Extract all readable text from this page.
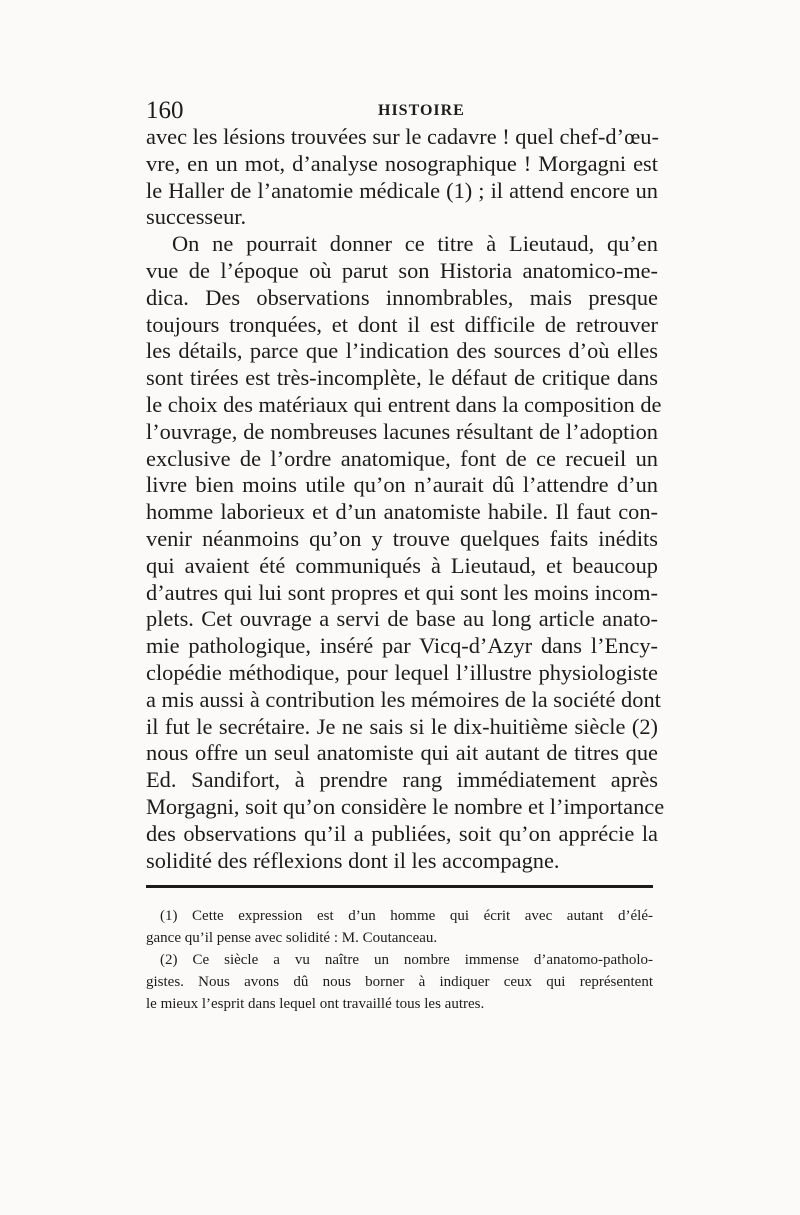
160	HISTOIRE
avec les lésions trouvées sur le cadavre ! quel chef-d’œu-
vre, en un mot, d’analyse nosographique ! Morgagni est
le Haller de l’anatomie médicale (1) ; il attend encore un
successeur.
On ne pourrait donner ce titre à Lieutaud, qu’en
vue de l’époque où parut son Historia anatomico-me-
dica. Des observations innombrables, mais presque
toujours tronquées, et dont il est difficile de retrouver
les détails, parce que l’indication des sources d’où elles
sont tirées est très-incomplète, le défaut de critique dans
le choix des matériaux qui entrent dans la composition de
l’ouvrage, de nombreuses lacunes résultant de l’adoption
exclusive de l’ordre anatomique, font de ce recueil un
livre bien moins utile qu’on n’aurait dû l’attendre d’un
homme laborieux et d’un anatomiste habile. Il faut con-
venir néanmoins qu’on y trouve quelques faits inédits
qui avaient été communiqués à Lieutaud, et beaucoup
d’autres qui lui sont propres et qui sont les moins incom-
plets. Cet ouvrage a servi de base au long article anato-
mie pathologique, inséré par Vicq-d’Azyr dans l’Ency-
clopédie méthodique, pour lequel l’illustre physiologiste
a mis aussi à contribution les mémoires de la société dont
il fut le secrétaire. Je ne sais si le dix-huitième siècle (2)
nous offre un seul anatomiste qui ait autant de titres que
Ed. Sandifort, à prendre rang immédiatement après
Morgagni, soit qu’on considère le nombre et l’importance
des observations qu’il a publiées, soit qu’on apprécie la
solidité des réflexions dont il les accompagne.
(1) Cette expression est d’un homme qui écrit avec autant d’élé-
gance qu’il pense avec solidité : M. Coutanceau.
(2) Ce siècle a vu naître un nombre immense d’anatomo-patholo-
gistes. Nous avons dû nous borner à indiquer ceux qui représentent
le mieux l’esprit dans lequel ont travaillé tous les autres.
